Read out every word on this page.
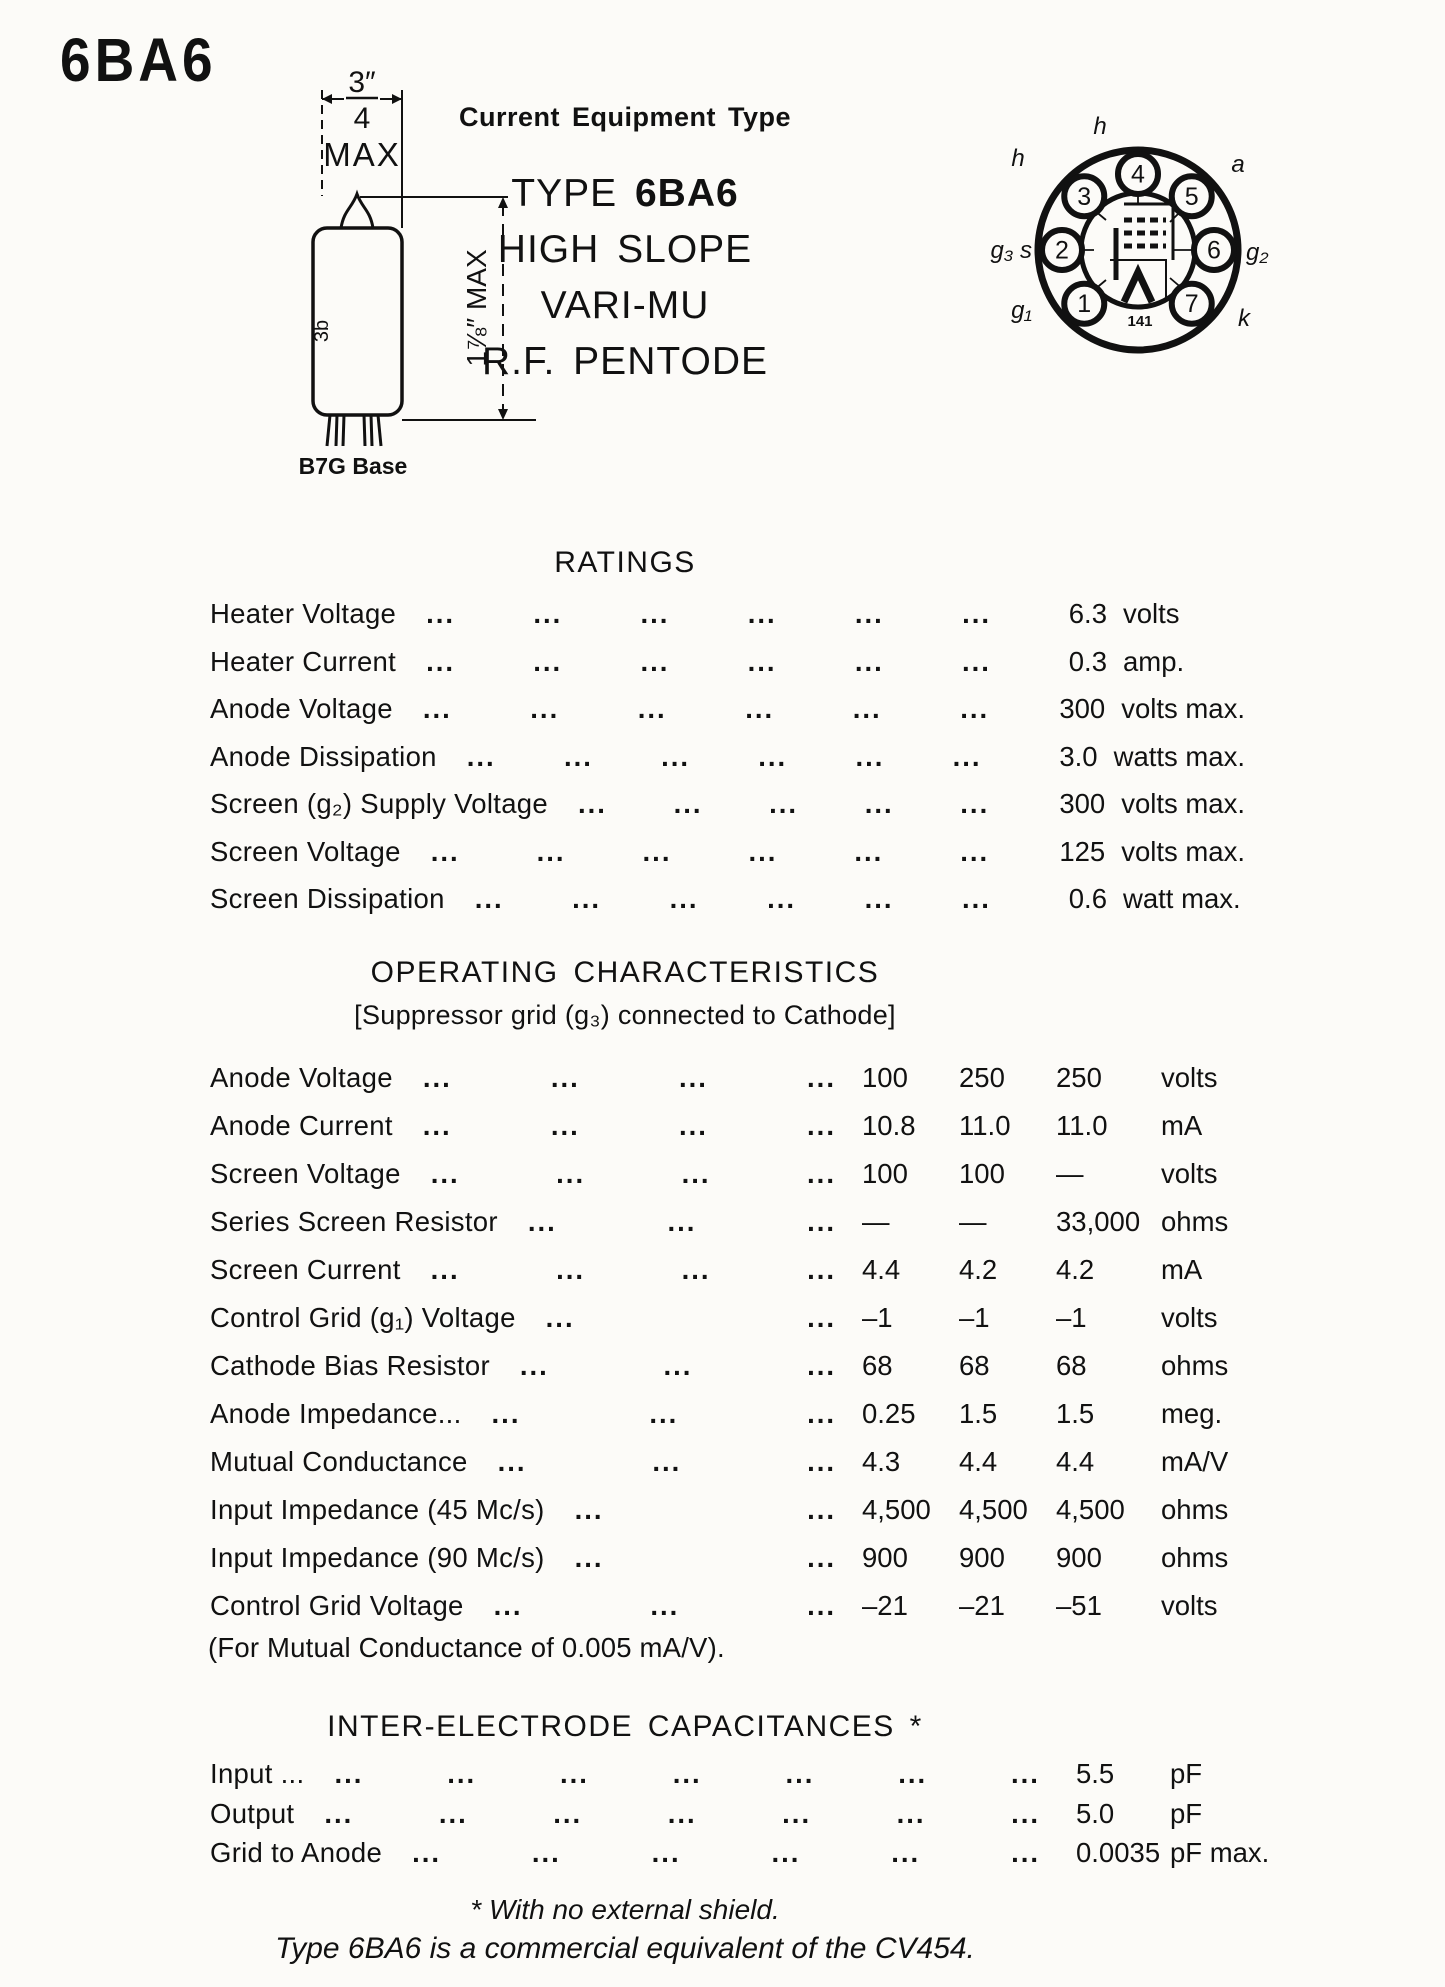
6BA6	3″
4
MAX
3b	1⅞″ MAX
B7G Base
Current Equipment Type
TYPE 6BA6
HIGH SLOPE
VARI-MU
R.F. PENTODE
1
g₁
2
g₃ s
3
h
4
h
5
a
6 g₂
7
k
141
RATINGS
Heater Voltage ...	...	...	...	...	...	6.3 volts
Heater Current ...	...	...	...	...	...	0.3 amp.
Anode Voltage ...	...	...	...	...	...	300 volts max.
Anode Dissipation ... ... ... ... ... ...	3.0 watts max.
Screen (g₂) Supply Voltage ... ... ... ... ...	300 volts max.
Screen Voltage ...	...	...	...	...	...	125 volts max.
Screen Dissipation ... ... ... ... ... ...	0.6 watt max.
OPERATING CHARACTERISTICS
[Suppressor grid (g₃) connected to Cathode]
Anode Voltage ...	...	...	... 100	250	250	volts
Anode Current ...	...	...	... 10.8	11.0	11.0	mA
Screen Voltage ...	...	...	... 100	100	—	volts
Series Screen Resistor ...	...	... —	—	33,000 ohms
Screen Current ...	...	...	... 4.4	4.2	4.2	mA
Control Grid (g₁) Voltage ...	... –1	–1	–1	volts
Cathode Bias Resistor ...	...	... 68	68	68	ohms
Anode Impedance... ...	...	... 0.25	1.5	1.5	meg.
Mutual Conductance ...	...	... 4.3	4.4	4.4	mA/V
Input Impedance (45 Mc/s) ...	... 4,500	4,500	4,500	ohms
Input Impedance (90 Mc/s) ...	... 900	900	900	ohms
Control Grid Voltage ...	...	... –21	–21	–51	volts
(For Mutual Conductance of 0.005 mA/V).
INTER-ELECTRODE CAPACITANCES *
Input ... ...	...	...	...	...	...	...	5.5	pF
Output ...	...	...	...	...	...	...	5.0	pF
Grid to Anode ...	...	...	...	...	...	0.0035 pF max.
* With no external shield.
Type 6BA6 is a commercial equivalent of the CV454.
